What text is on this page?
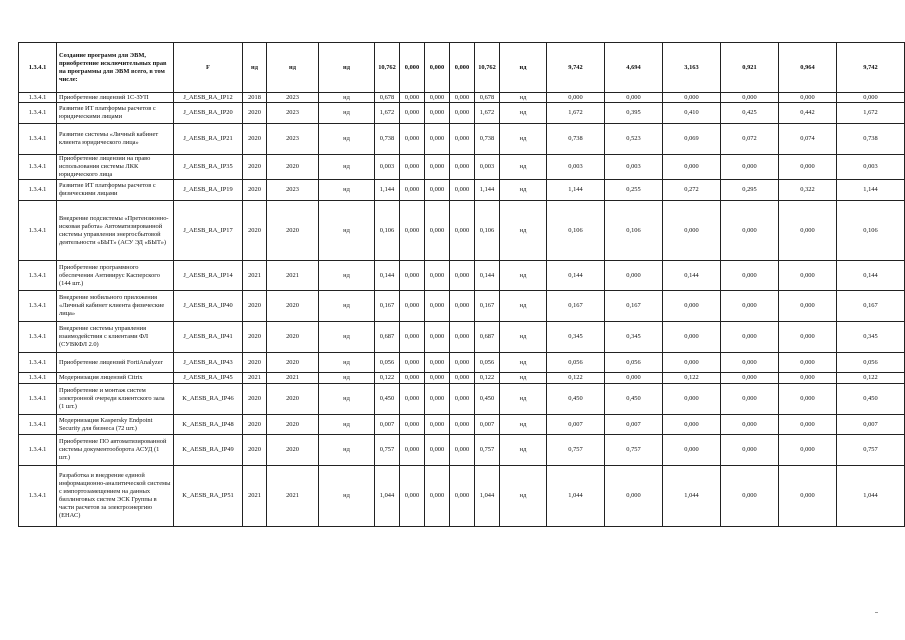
1.3.4.1	Создание программ для ЭВМ, приобретение исключительных прав на программы для ЭВМ всего, в том числе:	F	нд	нд	нд	10,762	0,000	0,000	0,000	10,762	нд	9,742	4,694	3,163	0,921	0,964	9,742
1.3.4.1	Приобретение лицензий 1С-ЗУП	J_AESB_RA_IP12	2018	2023	нд	0,678	0,000	0,000	0,000	0,678	нд	0,000	0,000	0,000	0,000	0,000	0,000
1.3.4.1	Развитие ИТ платформы расчетов с юридическими лицами	J_AESB_RA_IP20	2020	2023	нд	1,672	0,000	0,000	0,000	1,672	нд	1,672	0,395	0,410	0,425	0,442	1,672
1.3.4.1	Развитие системы «Личный кабинет клиента юридического лица»	J_AESB_RA_IP21	2020	2023	нд	0,738	0,000	0,000	0,000	0,738	нд	0,738	0,523	0,069	0,072	0,074	0,738
1.3.4.1	Приобретение лицензии на право использования системы ЛКК юридического лица	J_AESB_RA_IP35	2020	2020	нд	0,003	0,000	0,000	0,000	0,003	нд	0,003	0,003	0,000	0,000	0,000	0,003
1.3.4.1	Развитие ИТ платформы расчетов с физическими лицами	J_AESB_RA_IP19	2020	2023	нд	1,144	0,000	0,000	0,000	1,144	нд	1,144	0,255	0,272	0,295	0,322	1,144
1.3.4.1	Внедрение подсистемы «Претензионно-исковая работа» Автоматизированной системы управления энергосбытовой деятельности «БЫТ» (АСУ ЭД «БЫТ»)	J_AESB_RA_IP17	2020	2020	нд	0,106	0,000	0,000	0,000	0,106	нд	0,106	0,106	0,000	0,000	0,000	0,106
1.3.4.1	Приобретение программного обеспечения Антивирус Касперского (144 шт.)	J_AESB_RA_IP14	2021	2021	нд	0,144	0,000	0,000	0,000	0,144	нд	0,144	0,000	0,144	0,000	0,000	0,144
1.3.4.1	Внедрение мобильного приложения «Личный кабинет клиента физические лица»	J_AESB_RA_IP40	2020	2020	нд	0,167	0,000	0,000	0,000	0,167	нд	0,167	0,167	0,000	0,000	0,000	0,167
1.3.4.1	Внедрение системы управления взаимодействия с клиентами ФЛ (СУВКФЛ 2.0)	J_AESB_RA_IP41	2020	2020	нд	0,687	0,000	0,000	0,000	0,687	нд	0,345	0,345	0,000	0,000	0,000	0,345
1.3.4.1	Приобретение лицензий FortiAnalyzer	J_AESB_RA_IP43	2020	2020	нд	0,056	0,000	0,000	0,000	0,056	нд	0,056	0,056	0,000	0,000	0,000	0,056
1.3.4.1	Модернизация лицензий Citrix	J_AESB_RA_IP45	2021	2021	нд	0,122	0,000	0,000	0,000	0,122	нд	0,122	0,000	0,122	0,000	0,000	0,122
1.3.4.1	Приобретение и монтаж систем электронной очереди клиентского зала (1 шт.)	K_AESB_RA_IP46	2020	2020	нд	0,450	0,000	0,000	0,000	0,450	нд	0,450	0,450	0,000	0,000	0,000	0,450
1.3.4.1	Модернизация Kaspersky Endpoint Security для бизнеса (72 шт.)	K_AESB_RA_IP48	2020	2020	нд	0,007	0,000	0,000	0,000	0,007	нд	0,007	0,007	0,000	0,000	0,000	0,007
1.3.4.1	Приобретение ПО автоматизированной системы документооборота АСУД (1 шт.)	K_AESB_RA_IP49	2020	2020	нд	0,757	0,000	0,000	0,000	0,757	нд	0,757	0,757	0,000	0,000	0,000	0,757
1.3.4.1	Разработка и внедрение единой информационно-аналитической системы с импортозамещением на данных биллинговых систем ЭСК Группы в части расчетов за электроэнергию (ЕНАС)	K_AESB_RA_IP51	2021	2021	нд	1,044	0,000	0,000	0,000	1,044	нд	1,044	0,000	1,044	0,000	0,000	1,044
